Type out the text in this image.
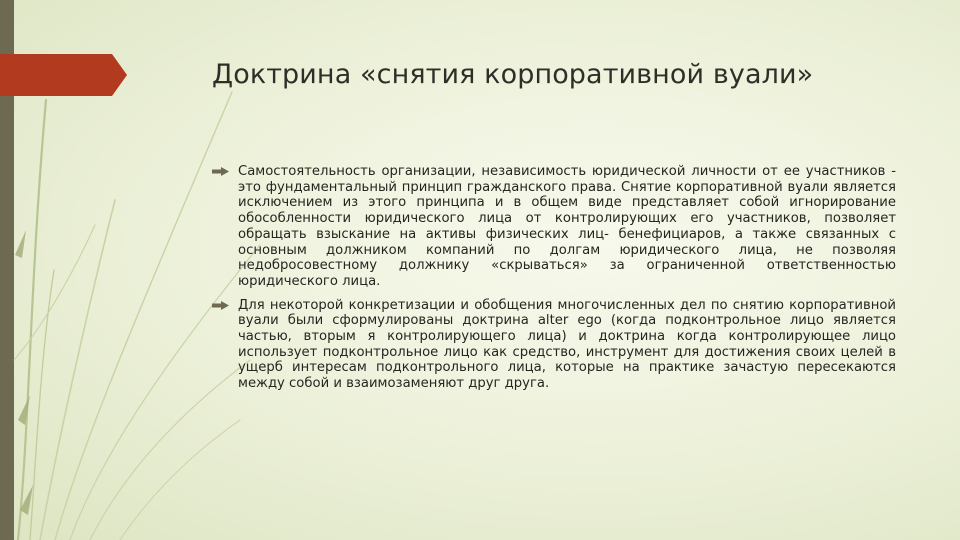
Доктрина «снятия корпоративной вуали»
Самостоятельность организации, независимость юридической личности от ее участников - это фундаментальный принцип гражданского права. Снятие корпоративной вуали является исключением из этого принципа и в общем виде представляет собой игнорирование обособленности юридического лица от контролирующих его участников, позволяет обращать взыскание на активы физических лиц- бенефициаров, а также связанных с основным должником компаний по долгам юридического лица, не позволяя недобросовестному должнику «скрываться» за ограниченной ответственностью юридического лица.
Для некоторой конкретизации и обобщения многочисленных дел по снятию корпоративной вуали были сформулированы доктрина alter ego (когда подконтрольное лицо является частью, вторым я контролирующего лица) и доктрина когда контролирующее лицо использует подконтрольное лицо как средство, инструмент для достижения своих целей в ущерб интересам подконтрольного лица, которые на практике зачастую пересекаются между собой и взаимозаменяют друг друга.
